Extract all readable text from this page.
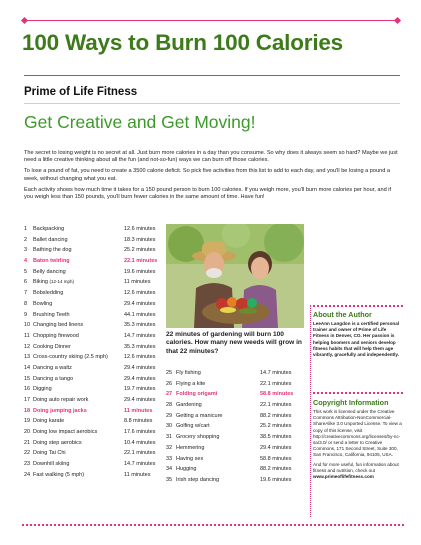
100 Ways to Burn 100 Calories
Prime of Life Fitness
Get Creative and Get Moving!

The secret to losing weight is no secret at all. Just burn more calories in a day than you consume. So why does it always seem so hard? Maybe we just need a little creative thinking about all the fun (and not-so-fun) ways we can burn off those calories.

To lose a pound of fat, you need to create a 3500 calorie deficit. So pick five activities from this list to add to each day, and you'll be losing a pound a week, without changing what you eat.

Each activity shows how much time it takes for a 150 pound person to burn 100 calories. If you weigh more, you'll burn more calories per hour, and if you weigh less than 150 pounds, you'll burn fewer calories in the same amount of time. Have fun!

1 Backpacking	12.6 minutes
2 Ballet dancing	18.3 minutes
3 Bathing the dog	25.2 minutes
4 Baton twirling	22.1 minutes
5 Belly dancing	19.6 minutes
6 Biking (12-14 mph)	11 minutes
7 Bobsledding	12.6 minutes
8 Bowling	29.4 minutes
9 Brushing Teeth	44.1 minutes
10 Changing bed linens	35.3 minutes
11 Chopping firewood	14.7 minutes
12 Cooking Dinner	35.3 minutes
13 Cross-country skiing (2.5 mph)	12.6 minutes
14 Dancing a waltz	29.4 minutes
15 Dancing a tango	29.4 minutes
16 Digging	19.7 minutes
17 Doing auto repair work	29.4 minutes
18 Doing jumping jacks	11 minutes
19 Doing karate	8.8 minutes
20 Doing low impact aerobics	17.6 minutes
21 Doing step aerobics	10.4 minutes
22 Doing Tai Chi	22.1 minutes
23 Downhill skiing	14.7 minutes
24 Fast walking (5 mph)	11 minutes

22 minutes of gardening will burn 100 calories. How many new weeds will grow in that 22 minutes?

25 Fly fishing	14.7 minutes
26 Flying a kite	22.1 minutes
27 Folding origami	58.8 minutes
28 Gardening	22.1 minutes
29 Getting a manicure	88.2 minutes
30 Golfing w/cart	25.2 minutes
31 Grocery shopping	38.5 minutes
32 Hemmering	29.4 minutes
33 Having sex	58.8 minutes
34 Hugging	88.2 minutes
35 Irish step dancing	19.6 minutes
About the Author

LeeAnn Langdon is a certified personal trainer and owner of Prime of Life Fitness in Denver, CO. Her passion is helping boomers and seniors develop fitness habits that will help them age vibrantly, gracefully and independently.

Copyright Information

This work is licensed under the Creative Commons Attribution-NonCommercial-ShareAlike 3.0 Unported License. To view a copy of this license, visit http://creativecommons.org/licenses/by-nc-sa/3.0/ or send a letter to Creative Commons, 171 Second Street, Suite 300, San Francisco, California, 94105, USA.

And for more useful, fun information about fitness and nutrition, check out www.primeoflifefitness.com
